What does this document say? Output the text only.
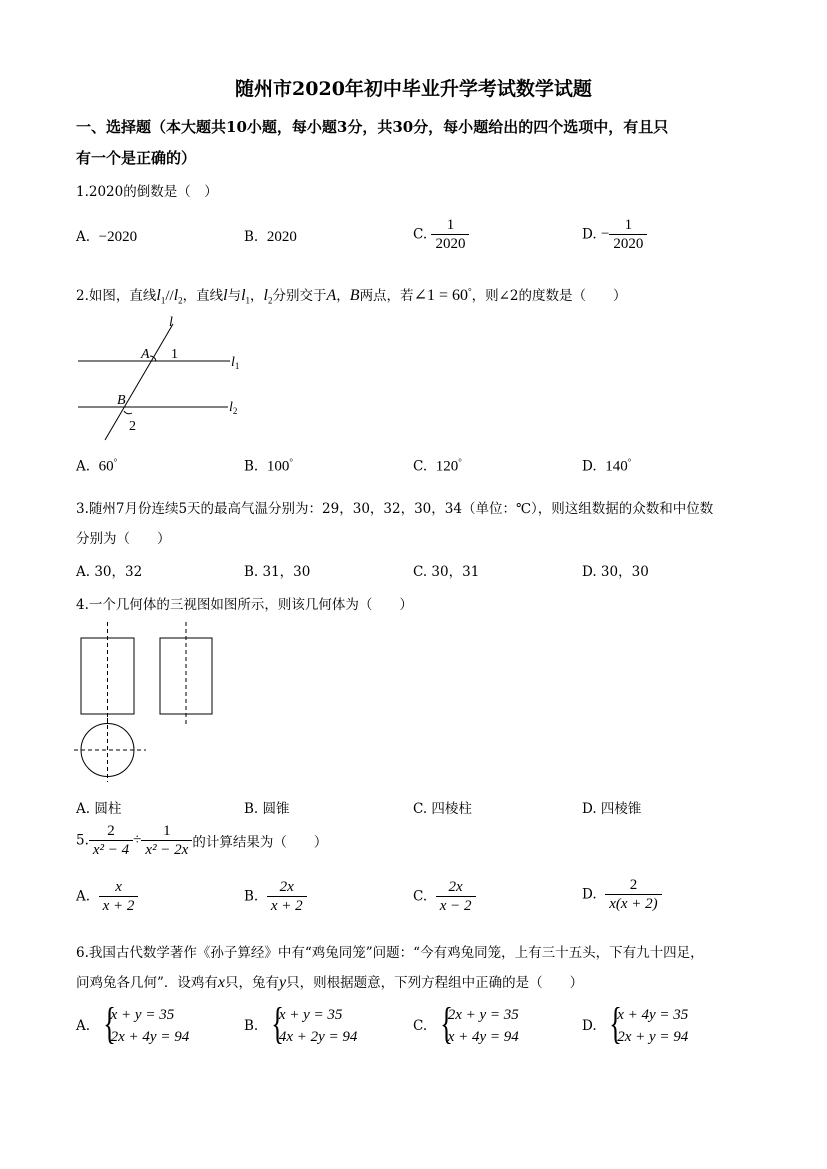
随州市2020年初中毕业升学考试数学试题
一、选择题（本大题共10小题，每小题3分，共30分，每小题给出的四个选项中，有且只
有一个是正确的）
1.2020的倒数是（　）
A. −2020	B. 2020	C. $\frac{1}{2020}$	D. − $\frac{1}{2020}$
2.如图，直线$l_1//l_2$，直线l与$l_1$，$l_2$分别交于A，B两点，若∠1 = 60°，则∠2的度数是（　　）
l
A 1
$l_1$
B	$l_2$
2
A. 60°	B. 100°	C. 120°	D. 140°
3.随州7月份连续5天的最高气温分别为：29，30，32，30，34（单位：℃），则这组数据的众数和中位数
分别为（　　）
A. 30，32	B. 31，30	C. 30，31	D. 30，30
4.一个几何体的三视图如图所示，则该几何体为（　　）
A. 圆柱	B. 圆锥	C. 四棱柱	D. 四棱锥
5. $\frac{2}{\text{x² − 4}} \div \frac{1}{\text{x² − 2x}}$ 的计算结果为（　　）
A. $\frac{x}{x + 2}$	B. $\frac{2x}{x + 2}$	C. $\frac{2x}{x - 2}$	D. $\frac{2}{x(x + 2)}$
6.我国古代数学著作《孙子算经》中有“鸡兔同笼”问题：“今有鸡兔同笼，上有三十五头，下有九十四足，
问鸡兔各几何”．设鸡有x只，兔有y只，则根据题意，下列方程组中正确的是（　　）
A. {
x + y = 35
2x + 4y = 94
B. {
x + y = 35
4x + 2y = 94
C. {
2x + y = 35
x + 4y = 94
D. {
x + 4y = 35
2x + y = 94
